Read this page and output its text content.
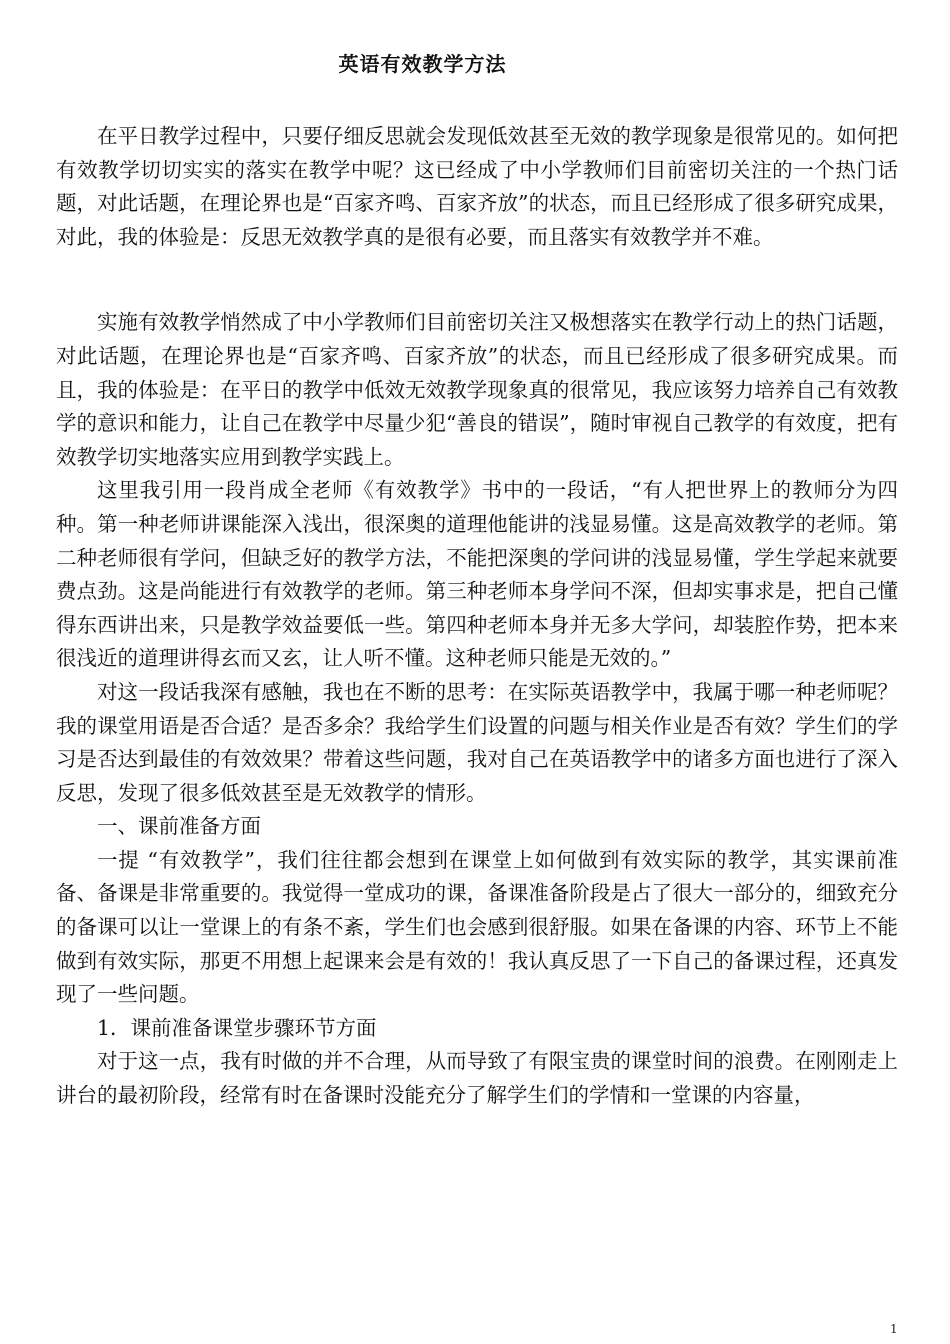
英语有效教学方法

在平日教学过程中，只要仔细反思就会发现低效甚至无效的教学现象是很常见的。如何把有效教学切切实实的落实在教学中呢？这已经成了中小学教师们目前密切关注的一个热门话题，对此话题，在理论界也是“百家齐鸣、百家齐放”的状态，而且已经形成了很多研究成果，对此，我的体验是：反思无效教学真的是很有必要，而且落实有效教学并不难。

实施有效教学悄然成了中小学教师们目前密切关注又极想落实在教学行动上的热门话题，对此话题，在理论界也是“百家齐鸣、百家齐放”的状态，而且已经形成了很多研究成果。而且，我的体验是：在平日的教学中低效无效教学现象真的很常见，我应该努力培养自己有效教学的意识和能力，让自己在教学中尽量少犯“善良的错误”，随时审视自己教学的有效度，把有效教学切实地落实应用到教学实践上。

这里我引用一段肖成全老师《有效教学》书中的一段话，“有人把世界上的教师分为四种。第一种老师讲课能深入浅出，很深奥的道理他能讲的浅显易懂。这是高效教学的老师。第二种老师很有学问，但缺乏好的教学方法，不能把深奥的学问讲的浅显易懂，学生学起来就要费点劲。这是尚能进行有效教学的老师。第三种老师本身学问不深，但却实事求是，把自己懂得东西讲出来，只是教学效益要低一些。第四种老师本身并无多大学问，却装腔作势，把本来很浅近的道理讲得玄而又玄，让人听不懂。这种老师只能是无效的。”

对这一段话我深有感触，我也在不断的思考：在实际英语教学中，我属于哪一种老师呢？我的课堂用语是否合适？是否多余？我给学生们设置的问题与相关作业是否有效？学生们的学习是否达到最佳的有效效果？带着这些问题，我对自己在英语教学中的诸多方面也进行了深入反思，发现了很多低效甚至是无效教学的情形。

一、课前准备方面

一提 “有效教学”，我们往往都会想到在课堂上如何做到有效实际的教学，其实课前准备、备课是非常重要的。我觉得一堂成功的课，备课准备阶段是占了很大一部分的，细致充分的备课可以让一堂课上的有条不紊，学生们也会感到很舒服。如果在备课的内容、环节上不能做到有效实际，那更不用想上起课来会是有效的！我认真反思了一下自己的备课过程，还真发现了一些问题。

1．课前准备课堂步骤环节方面

对于这一点，我有时做的并不合理，从而导致了有限宝贵的课堂时间的浪费。在刚刚走上讲台的最初阶段，经常有时在备课时没能充分了解学生们的学情和一堂课的内容量，

1
